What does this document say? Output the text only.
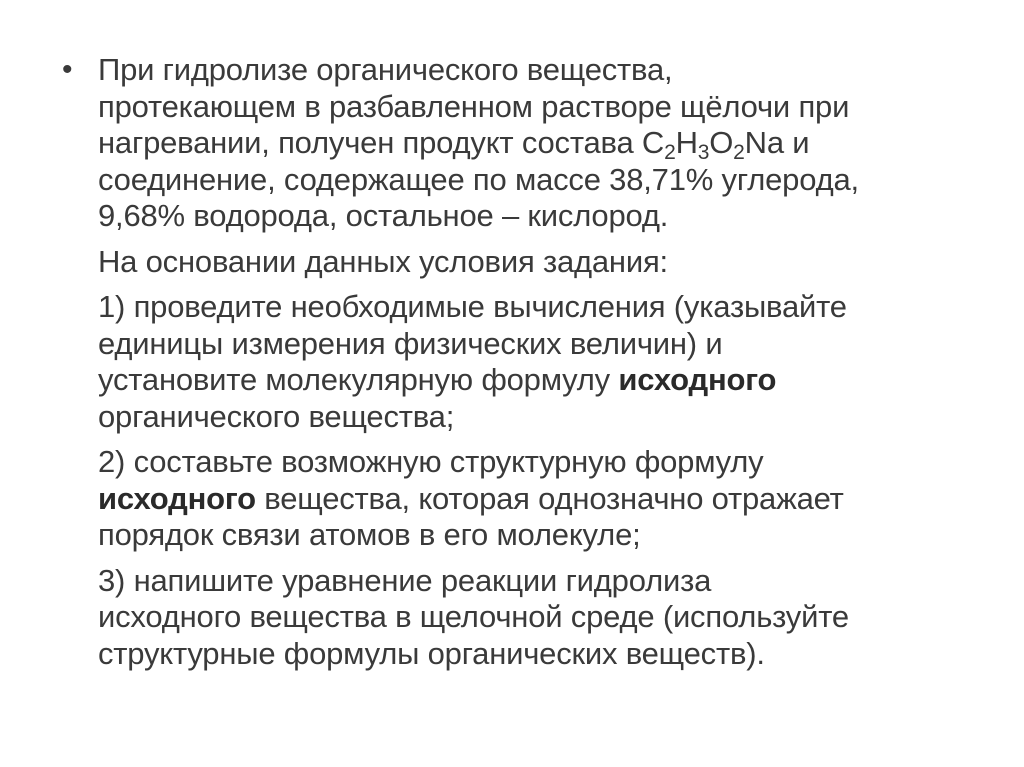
• При гидролизе органического вещества,
протекающем в разбавленном растворе щёлочи при
нагревании, получен продукт состава $C_2H_3O_2Na$ и
соединение, содержащее по массе 38,71% углерода,
9,68% водорода, остальное – кислород.

На основании данных условия задания:

1) проведите необходимые вычисления (указывайте
единицы измерения физических величин) и
установите молекулярную формулу исходного
органического вещества;

2) составьте возможную структурную формулу
исходного вещества, которая однозначно отражает
порядок связи атомов в его молекуле;

3) напишите уравнение реакции гидролиза
исходного вещества в щелочной среде (используйте
структурные формулы органических веществ).
